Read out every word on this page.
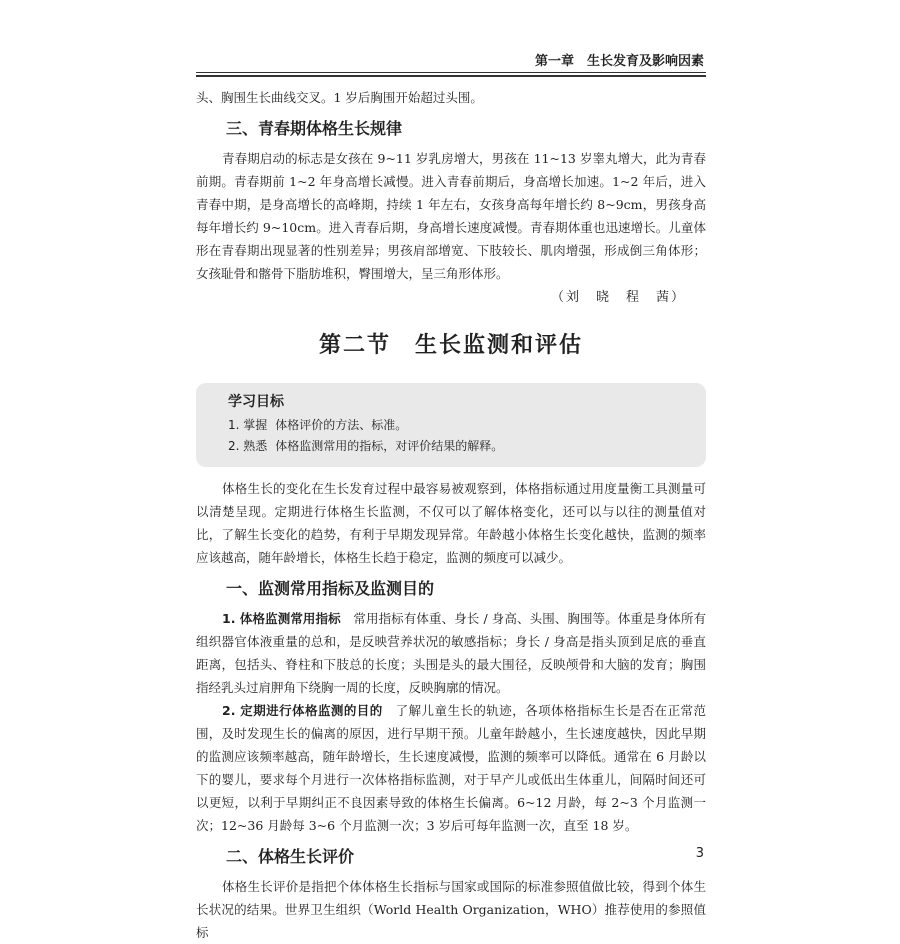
第一章　生长发育及影响因素

头、胸围生长曲线交叉。1 岁后胸围开始超过头围。

三、青春期体格生长规律

青春期启动的标志是女孩在 9~11 岁乳房增大，男孩在 11~13 岁睾丸增大，此为青春前期。青春期前 1~2 年身高增长减慢。进入青春前期后，身高增长加速。1~2 年后，进入青春中期，是身高增长的高峰期，持续 1 年左右，女孩身高每年增长约 8~9cm，男孩身高每年增长约 9~10cm。进入青春后期，身高增长速度减慢。青春期体重也迅速增长。儿童体形在青春期出现显著的性别差异；男孩肩部增宽、下肢较长、肌肉增强，形成倒三角体形；女孩耻骨和髂骨下脂肪堆积，臀围增大，呈三角形体形。

（刘　晓　程　茜）
第二节　生长监测和评估
学习目标
1. 掌握 体格评价的方法、标准。
2. 熟悉 体格监测常用的指标，对评价结果的解释。

体格生长的变化在生长发育过程中最容易被观察到，体格指标通过用度量衡工具测量可以清楚呈现。定期进行体格生长监测，不仅可以了解体格变化，还可以与以往的测量值对比，了解生长变化的趋势，有利于早期发现异常。年龄越小体格生长变化越快，监测的频率应该越高，随年龄增长，体格生长趋于稳定，监测的频度可以减少。

一、监测常用指标及监测目的

1. 体格监测常用指标　常用指标有体重、身长 / 身高、头围、胸围等。体重是身体所有组织器官体液重量的总和，是反映营养状况的敏感指标；身长 / 身高是指头顶到足底的垂直距离，包括头、脊柱和下肢总的长度；头围是头的最大围径，反映颅骨和大脑的发育；胸围指经乳头过肩胛角下绕胸一周的长度，反映胸廓的情况。

2. 定期进行体格监测的目的　了解儿童生长的轨迹，各项体格指标生长是否在正常范围，及时发现生长的偏离的原因，进行早期干预。儿童年龄越小，生长速度越快，因此早期的监测应该频率越高，随年龄增长，生长速度减慢，监测的频率可以降低。通常在 6 月龄以下的婴儿，要求每个月进行一次体格指标监测，对于早产儿或低出生体重儿，间隔时间还可以更短，以利于早期纠正不良因素导致的体格生长偏离。6~12 月龄，每 2~3 个月监测一次；12~36 月龄每 3~6 个月监测一次；3 岁后可每年监测一次，直至 18 岁。

二、体格生长评价

体格生长评价是指把个体体格生长指标与国家或国际的标准参照值做比较，得到个体生长状况的结果。世界卫生组织（World Health Organization，WHO）推荐使用的参照值标

3
